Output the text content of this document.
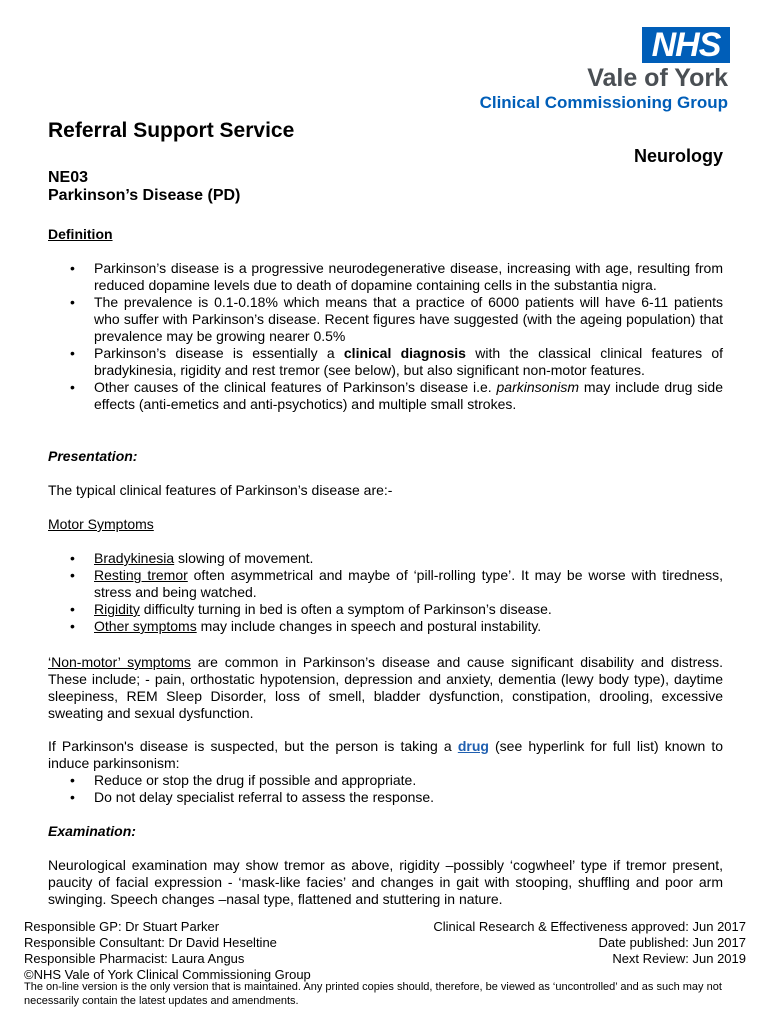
NHS
Vale of York
Clinical Commissioning Group
Referral Support Service
Neurology
NE03
Parkinson’s Disease (PD)
Definition
• Parkinson’s disease is a progressive neurodegenerative disease, increasing with age, resulting from reduced dopamine levels due to death of dopamine containing cells in the substantia nigra.
• The prevalence is 0.1-0.18% which means that a practice of 6000 patients will have 6-11 patients who suffer with Parkinson’s disease. Recent figures have suggested (with the ageing population) that prevalence may be growing nearer 0.5%
• Parkinson’s disease is essentially a clinical diagnosis with the classical clinical features of bradykinesia, rigidity and rest tremor (see below), but also significant non-motor features.
• Other causes of the clinical features of Parkinson’s disease i.e. parkinsonism may include drug side effects (anti-emetics and anti-psychotics) and multiple small strokes.
Presentation:
The typical clinical features of Parkinson’s disease are:-
Motor Symptoms
• Bradykinesia slowing of movement.
• Resting tremor often asymmetrical and maybe of ‘pill-rolling type’. It may be worse with tiredness, stress and being watched.
• Rigidity difficulty turning in bed is often a symptom of Parkinson’s disease.
• Other symptoms may include changes in speech and postural instability.
‘Non-motor’ symptoms are common in Parkinson’s disease and cause significant disability and distress. These include; - pain, orthostatic hypotension, depression and anxiety, dementia (lewy body type), daytime sleepiness, REM Sleep Disorder, loss of smell, bladder dysfunction, constipation, drooling, excessive sweating and sexual dysfunction.
If Parkinson's disease is suspected, but the person is taking a drug (see hyperlink for full list) known to induce parkinsonism:
• Reduce or stop the drug if possible and appropriate.
• Do not delay specialist referral to assess the response.
Examination:
Neurological examination may show tremor as above, rigidity –possibly ‘cogwheel’ type if tremor present, paucity of facial expression - ‘mask-like facies’ and changes in gait with stooping, shuffling and poor arm swinging. Speech changes –nasal type, flattened and stuttering in nature.
Responsible GP: Dr Stuart Parker
Responsible Consultant: Dr David Heseltine
Responsible Pharmacist: Laura Angus
©NHS Vale of York Clinical Commissioning Group
Clinical Research & Effectiveness approved: Jun 2017
Date published: Jun 2017
Next Review: Jun 2019
The on-line version is the only version that is maintained. Any printed copies should, therefore, be viewed as ‘uncontrolled’ and as such may not necessarily contain the latest updates and amendments.
